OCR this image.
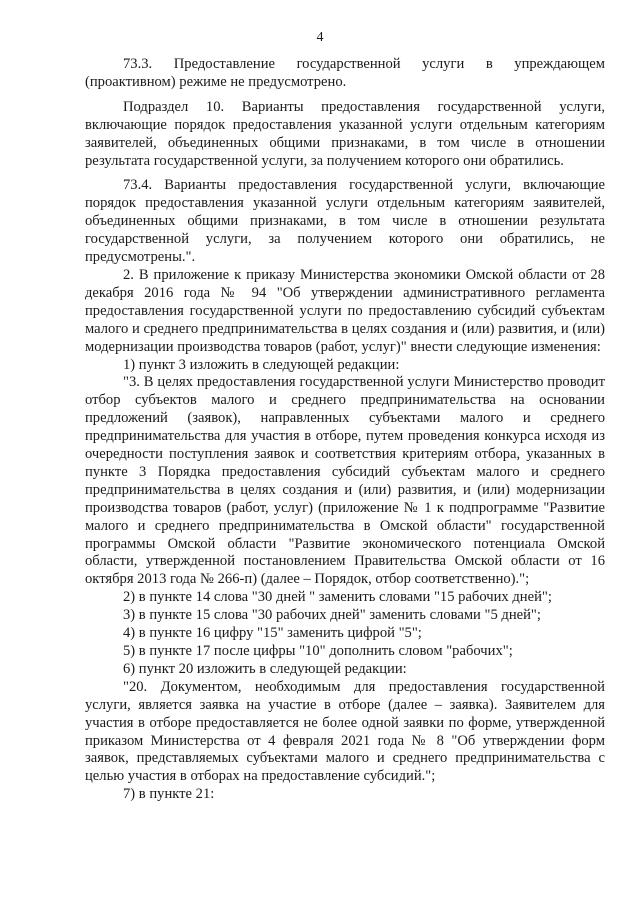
4

73.3. Предоставление государственной услуги в упреждающем (проактивном) режиме не предусмотрено.

Подраздел 10. Варианты предоставления государственной услуги, включающие порядок предоставления указанной услуги отдельным категориям заявителей, объединенных общими признаками, в том числе в отношении результата государственной услуги, за получением которого они обратились.

73.4. Варианты предоставления государственной услуги, включающие порядок предоставления указанной услуги отдельным категориям заявителей, объединенных общими признаками, в том числе в отношении результата государственной услуги, за получением которого они обратились, не предусмотрены.".

2. В приложение к приказу Министерства экономики Омской области от 28 декабря 2016 года № 94 "Об утверждении административного регламента предоставления государственной услуги по предоставлению субсидий субъектам малого и среднего предпринимательства в целях создания и (или) развития, и (или) модернизации производства товаров (работ, услуг)" внести следующие изменения:

1) пункт 3 изложить в следующей редакции:

"3. В целях предоставления государственной услуги Министерство проводит отбор субъектов малого и среднего предпринимательства на основании предложений (заявок), направленных субъектами малого и среднего предпринимательства для участия в отборе, путем проведения конкурса исходя из очередности поступления заявок и соответствия критериям отбора, указанных в пункте 3 Порядка предоставления субсидий субъектам малого и среднего предпринимательства в целях создания и (или) развития, и (или) модернизации производства товаров (работ, услуг) (приложение № 1 к подпрограмме "Развитие малого и среднего предпринимательства в Омской области" государственной программы Омской области "Развитие экономического потенциала Омской области, утвержденной постановлением Правительства Омской области от 16 октября 2013 года № 266-п) (далее – Порядок, отбор соответственно).";

2) в пункте 14 слова "30 дней " заменить словами "15 рабочих дней";

3) в пункте 15 слова "30 рабочих дней" заменить словами "5 дней";

4) в пункте 16 цифру "15" заменить цифрой "5";

5) в пункте 17 после цифры "10" дополнить словом "рабочих";

6) пункт 20 изложить в следующей редакции:

"20. Документом, необходимым для предоставления государственной услуги, является заявка на участие в отборе (далее – заявка). Заявителем для участия в отборе предоставляется не более одной заявки по форме, утвержденной приказом Министерства от 4 февраля 2021 года № 8 "Об утверждении форм заявок, представляемых субъектами малого и среднего предпринимательства с целью участия в отборах на предоставление субсидий.";

7) в пункте 21:
